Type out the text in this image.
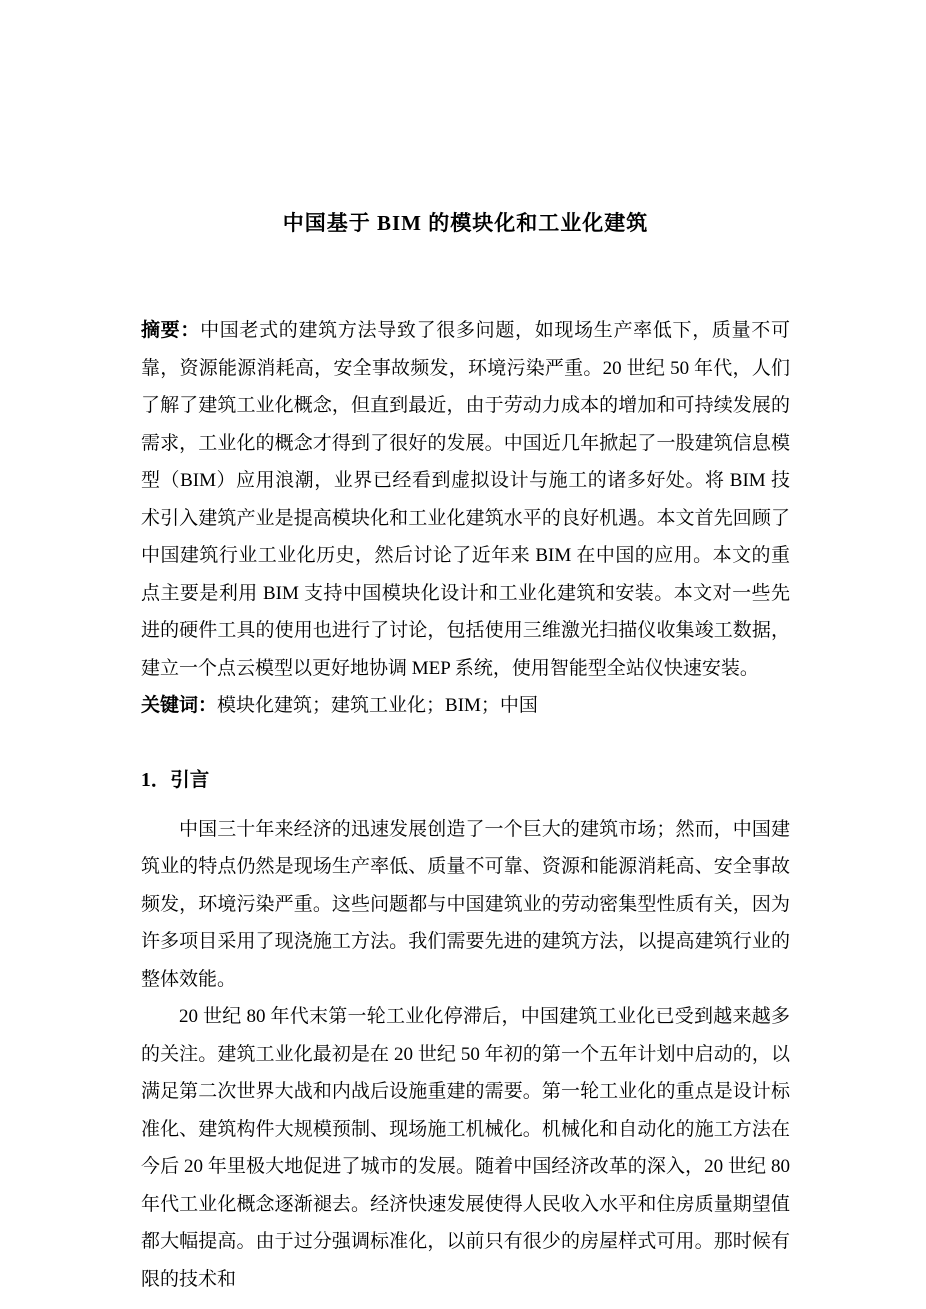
中国基于 BIM 的模块化和工业化建筑

摘要：中国老式的建筑方法导致了很多问题，如现场生产率低下，质量不可靠，资源能源消耗高，安全事故频发，环境污染严重。20 世纪 50 年代，人们了解了建筑工业化概念，但直到最近，由于劳动力成本的增加和可持续发展的需求，工业化的概念才得到了很好的发展。中国近几年掀起了一股建筑信息模型（BIM）应用浪潮，业界已经看到虚拟设计与施工的诸多好处。将 BIM 技术引入建筑产业是提高模块化和工业化建筑水平的良好机遇。本文首先回顾了中国建筑行业工业化历史，然后讨论了近年来 BIM 在中国的应用。本文的重点主要是利用 BIM 支持中国模块化设计和工业化建筑和安装。本文对一些先进的硬件工具的使用也进行了讨论，包括使用三维激光扫描仪收集竣工数据，建立一个点云模型以更好地协调 MEP 系统，使用智能型全站仪快速安装。

关键词：模块化建筑；建筑工业化；BIM；中国

1．引言

中国三十年来经济的迅速发展创造了一个巨大的建筑市场；然而，中国建筑业的特点仍然是现场生产率低、质量不可靠、资源和能源消耗高、安全事故频发，环境污染严重。这些问题都与中国建筑业的劳动密集型性质有关，因为许多项目采用了现浇施工方法。我们需要先进的建筑方法，以提高建筑行业的整体效能。

20 世纪 80 年代末第一轮工业化停滞后，中国建筑工业化已受到越来越多的关注。建筑工业化最初是在 20 世纪 50 年初的第一个五年计划中启动的，以满足第二次世界大战和内战后设施重建的需要。第一轮工业化的重点是设计标准化、建筑构件大规模预制、现场施工机械化。机械化和自动化的施工方法在今后 20 年里极大地促进了城市的发展。随着中国经济改革的深入，20 世纪 80 年代工业化概念逐渐褪去。经济快速发展使得人民收入水平和住房质量期望值都大幅提高。由于过分强调标准化，以前只有很少的房屋样式可用。那时候有限的技术和
